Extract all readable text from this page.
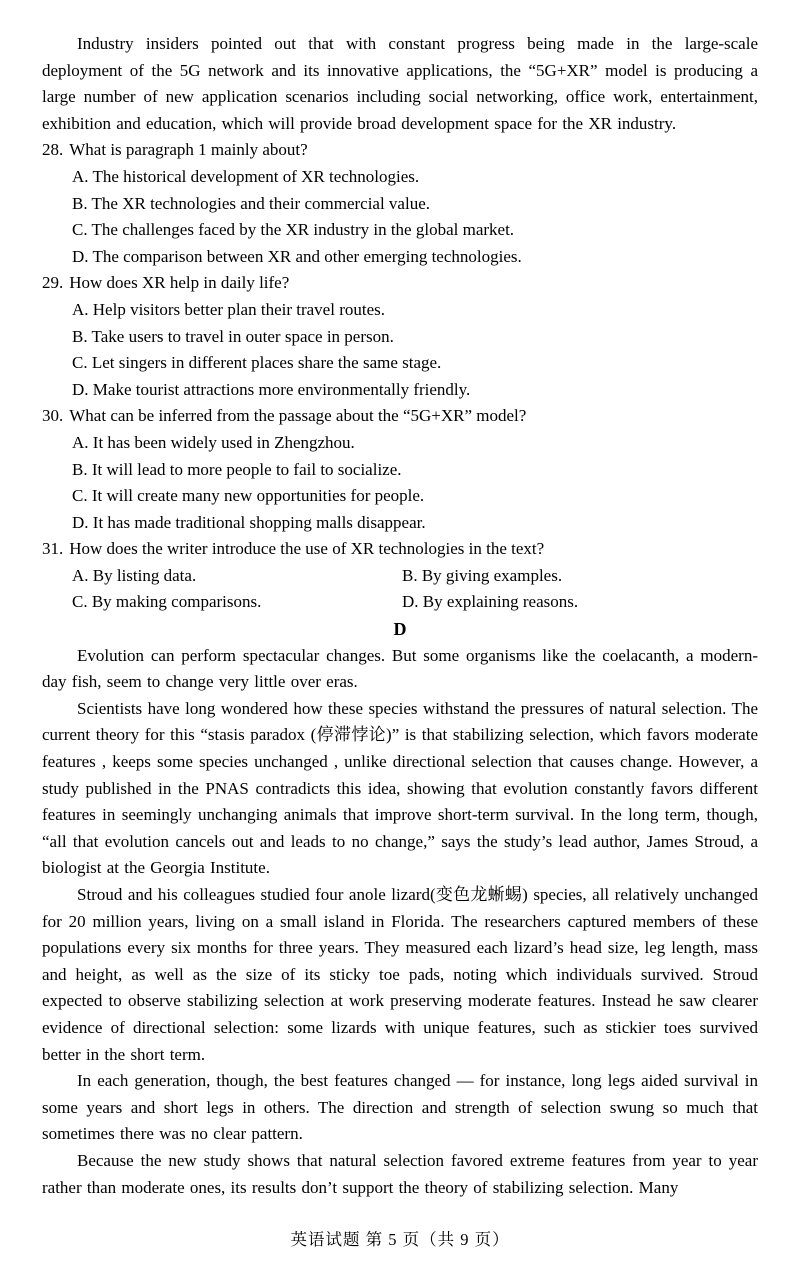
Industry insiders pointed out that with constant progress being made in the large-scale deployment of the 5G network and its innovative applications, the “5G+XR” model is producing a large number of new application scenarios including social networking, office work, entertainment, exhibition and education, which will provide broad development space for the XR industry.

28. What is paragraph 1 mainly about?
A. The historical development of XR technologies.
B. The XR technologies and their commercial value.
C. The challenges faced by the XR industry in the global market.
D. The comparison between XR and other emerging technologies.
29. How does XR help in daily life?
A. Help visitors better plan their travel routes.
B. Take users to travel in outer space in person.
C. Let singers in different places share the same stage.
D. Make tourist attractions more environmentally friendly.
30. What can be inferred from the passage about the “5G+XR” model?
A. It has been widely used in Zhengzhou.
B. It will lead to more people to fail to socialize.
C. It will create many new opportunities for people.
D. It has made traditional shopping malls disappear.
31. How does the writer introduce the use of XR technologies in the text?
A. By listing data.	B. By giving examples.
C. By making comparisons.	D. By explaining reasons.
D

Evolution can perform spectacular changes. But some organisms like the coelacanth, a modern-day fish, seem to change very little over eras.

Scientists have long wondered how these species withstand the pressures of natural selection. The current theory for this “stasis paradox (停滞悖论)” is that stabilizing selection, which favors moderate features , keeps some species unchanged , unlike directional selection that causes change. However, a study published in the PNAS contradicts this idea, showing that evolution constantly favors different features in seemingly unchanging animals that improve short-term survival. In the long term, though, “all that evolution cancels out and leads to no change,” says the study’s lead author, James Stroud, a biologist at the Georgia Institute.

Stroud and his colleagues studied four anole lizard(变色龙蜥蜴) species, all relatively unchanged for 20 million years, living on a small island in Florida. The researchers captured members of these populations every six months for three years. They measured each lizard’s head size, leg length, mass and height, as well as the size of its sticky toe pads, noting which individuals survived. Stroud expected to observe stabilizing selection at work preserving moderate features. Instead he saw clearer evidence of directional selection: some lizards with unique features, such as stickier toes survived better in the short term.

In each generation, though, the best features changed — for instance, long legs aided survival in some years and short legs in others. The direction and strength of selection swung so much that sometimes there was no clear pattern.

Because the new study shows that natural selection favored extreme features from year to year rather than moderate ones, its results don’t support the theory of stabilizing selection. Many

英语试题 第 5 页（共 9 页）
